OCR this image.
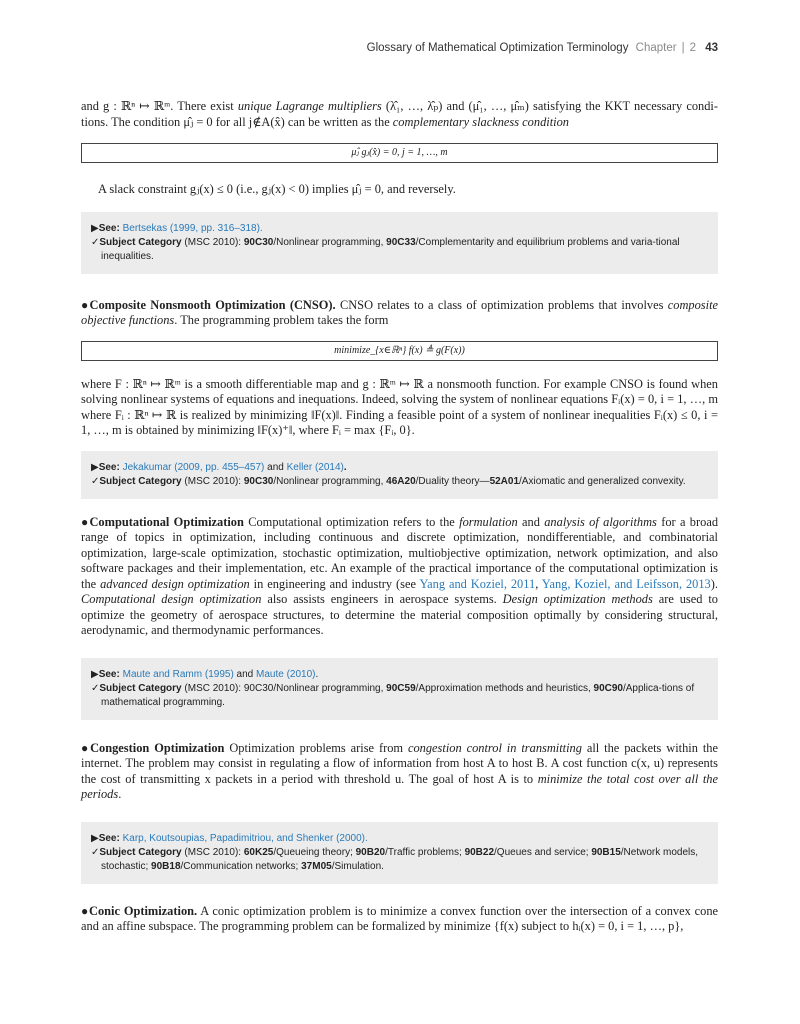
Glossary of Mathematical Optimization Terminology Chapter | 2 43

and g : ℝⁿ ↦ ℝᵐ. There exist unique Lagrange multipliers (λ̂₁, …, λ̂ₚ) and (μ̂₁, …, μ̂ₘ) satisfying the KKT necessary condi- tions. The condition μ̂ⱼ = 0 for all j∉A(x̂) can be written as the complementary slackness condition

μ̂ⱼ gⱼ(x̂) = 0, j = 1, …, m

A slack constraint gⱼ(x) ≤ 0 (i.e., gⱼ(x) < 0) implies μ̂ⱼ = 0, and reversely.

▶See: Bertsekas (1999, pp. 316–318).
✓Subject Category (MSC 2010): 90C30/Nonlinear programming, 90C33/Complementarity and equilibrium problems and varia-tional inequalities.

●Composite Nonsmooth Optimization (CNSO). CNSO relates to a class of optimization problems that involves composite objective functions. The programming problem takes the form

minimize_{x∈ℝⁿ} f(x) ≜ g(F(x))

where F : ℝⁿ ↦ ℝᵐ is a smooth differentiable map and g : ℝᵐ ↦ ℝ a nonsmooth function. For example CNSO is found when solving nonlinear systems of equations and inequations. Indeed, solving the system of nonlinear equations Fᵢ(x) = 0, i = 1, …, m where Fᵢ : ℝⁿ ↦ ℝ is realized by minimizing ‖F(x)‖. Finding a feasible point of a system of nonlinear inequalities Fᵢ(x) ≤ 0, i = 1, …, m is obtained by minimizing ‖F(x)⁺‖, where Fᵢ = max {Fᵢ, 0}.

▶See: Jekakumar (2009, pp. 455–457) and Keller (2014).
✓Subject Category (MSC 2010): 90C30/Nonlinear programming, 46A20/Duality theory—52A01/Axiomatic and generalized convexity.

●Computational Optimization Computational optimization refers to the formulation and analysis of algorithms for a broad range of topics in optimization, including continuous and discrete optimization, nondifferentiable, and combinatorial optimization, large-scale optimization, stochastic optimization, multiobjective optimization, network optimization, and also software packages and their implementation, etc. An example of the practical importance of the computational optimization is the advanced design optimization in engineering and industry (see Yang and Koziel, 2011, Yang, Koziel, and Leifsson, 2013). Computational design optimization also assists engineers in aerospace systems. Design optimization methods are used to optimize the geometry of aerospace structures, to determine the material composition optimally by considering structural, aerodynamic, and thermodynamic performances.

▶See: Maute and Ramm (1995) and Maute (2010).
✓Subject Category (MSC 2010): 90C30/Nonlinear programming, 90C59/Approximation methods and heuristics, 90C90/Applica-tions of mathematical programming.

●Congestion Optimization Optimization problems arise from congestion control in transmitting all the packets within the internet. The problem may consist in regulating a flow of information from host A to host B. A cost function c(x, u) represents the cost of transmitting x packets in a period with threshold u. The goal of host A is to minimize the total cost over all the periods.

▶See: Karp, Koutsoupias, Papadimitriou, and Shenker (2000).
✓Subject Category (MSC 2010): 60K25/Queueing theory; 90B20/Traffic problems; 90B22/Queues and service; 90B15/Network models, stochastic; 90B18/Communication networks; 37M05/Simulation.

●Conic Optimization. A conic optimization problem is to minimize a convex function over the intersection of a convex cone and an affine subspace. The programming problem can be formalized by minimize {f(x) subject to hᵢ(x) = 0, i = 1, …, p},
